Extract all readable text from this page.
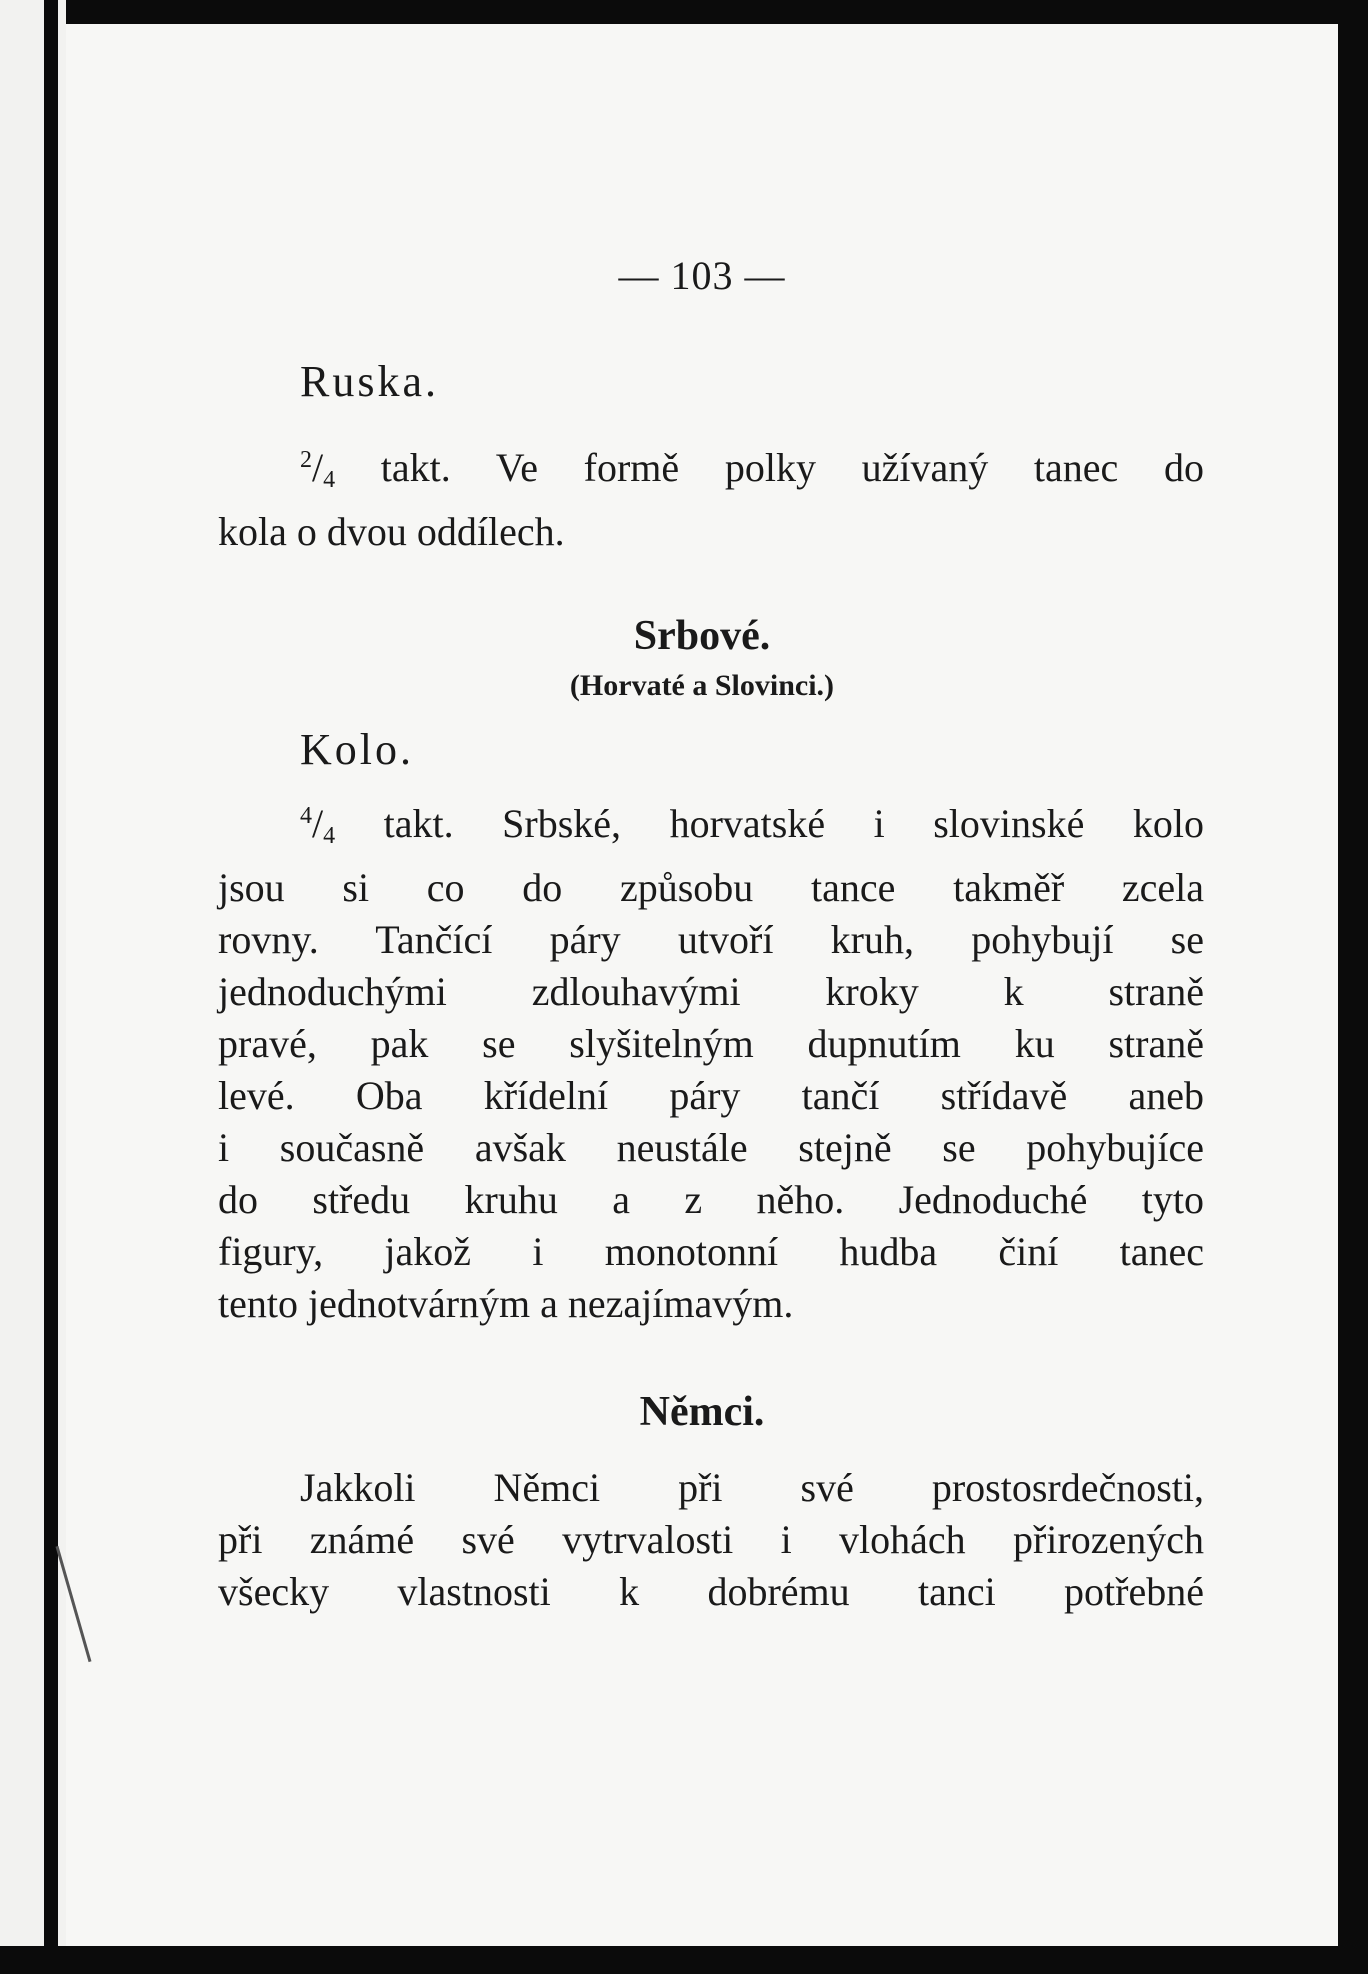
— 103 —
Ruska.
$^2/_4$ takt. Ve formě polky užívaný tanec do
kola o dvou oddílech.
Srbové.
(Horvaté a Slovinci.)
Kolo.
$^4/_4$ takt. Srbské, horvatské i slovinské kolo
jsou si co do způsobu tance takměř zcela
rovny. Tančící páry utvoří kruh, pohybují se
jednoduchými zdlouhavými kroky k straně
pravé, pak se slyšitelným dupnutím ku straně
levé. Oba křídelní páry tančí střídavě aneb
i současně avšak neustále stejně se pohybujíce
do středu kruhu a z něho. Jednoduché tyto
figury, jakož i monotonní hudba činí tanec
tento jednotvárným a nezajímavým.
Němci.
Jakkoli Němci při své prostosrdečnosti,
při známé své vytrvalosti i vlohách přirozených
všecky vlastnosti k dobrému tanci potřebné
